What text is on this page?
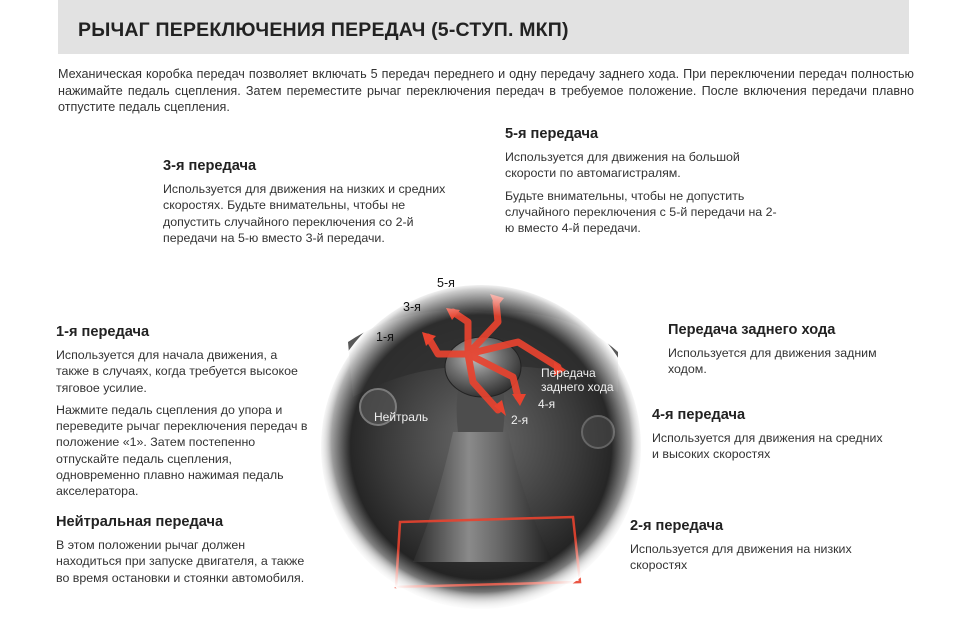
РЫЧАГ ПЕРЕКЛЮЧЕНИЯ ПЕРЕДАЧ (5-СТУП. МКП)
Механическая коробка передач позволяет включать 5 передач переднего и одну передачу заднего хода. При переключении передач полностью нажимайте педаль сцепления. Затем переместите рычаг переключения передач в требуемое положение. После включения передачи плавно отпустите педаль сцепления.
3-я передача

Используется для движения на низких и средних скоростях. Будьте внимательны, чтобы не допустить случайного переключения со 2-й передачи на 5-ю вместо 3-й передачи.

5-я передача

Используется для движения на большой скорости по автомагистралям.

Будьте внимательны, чтобы не допустить случайного переключения с 5-й передачи на 2-ю вместо 4-й передачи.

1-я передача

Используется для начала движения, а также в случаях, когда требуется высокое тяговое усилие.

Нажмите педаль сцепления до упора и переведите рычаг переключения передач в положение «1». Затем постепенно отпускайте педаль сцепления, одновременно плавно нажимая педаль акселератора.

Нейтральная передача

В этом положении рычаг должен находиться при запуске двигателя, а также во время остановки и стоянки автомобиля.

Передача заднего хода

Используется для движения задним ходом.

4-я передача

Используется для движения на средних и высоких скоростях

2-я передача

Используется для движения на низких скоростях

5-я
3-я
1-я
Передача
заднего хода
4-я
Нейтраль	2-я
